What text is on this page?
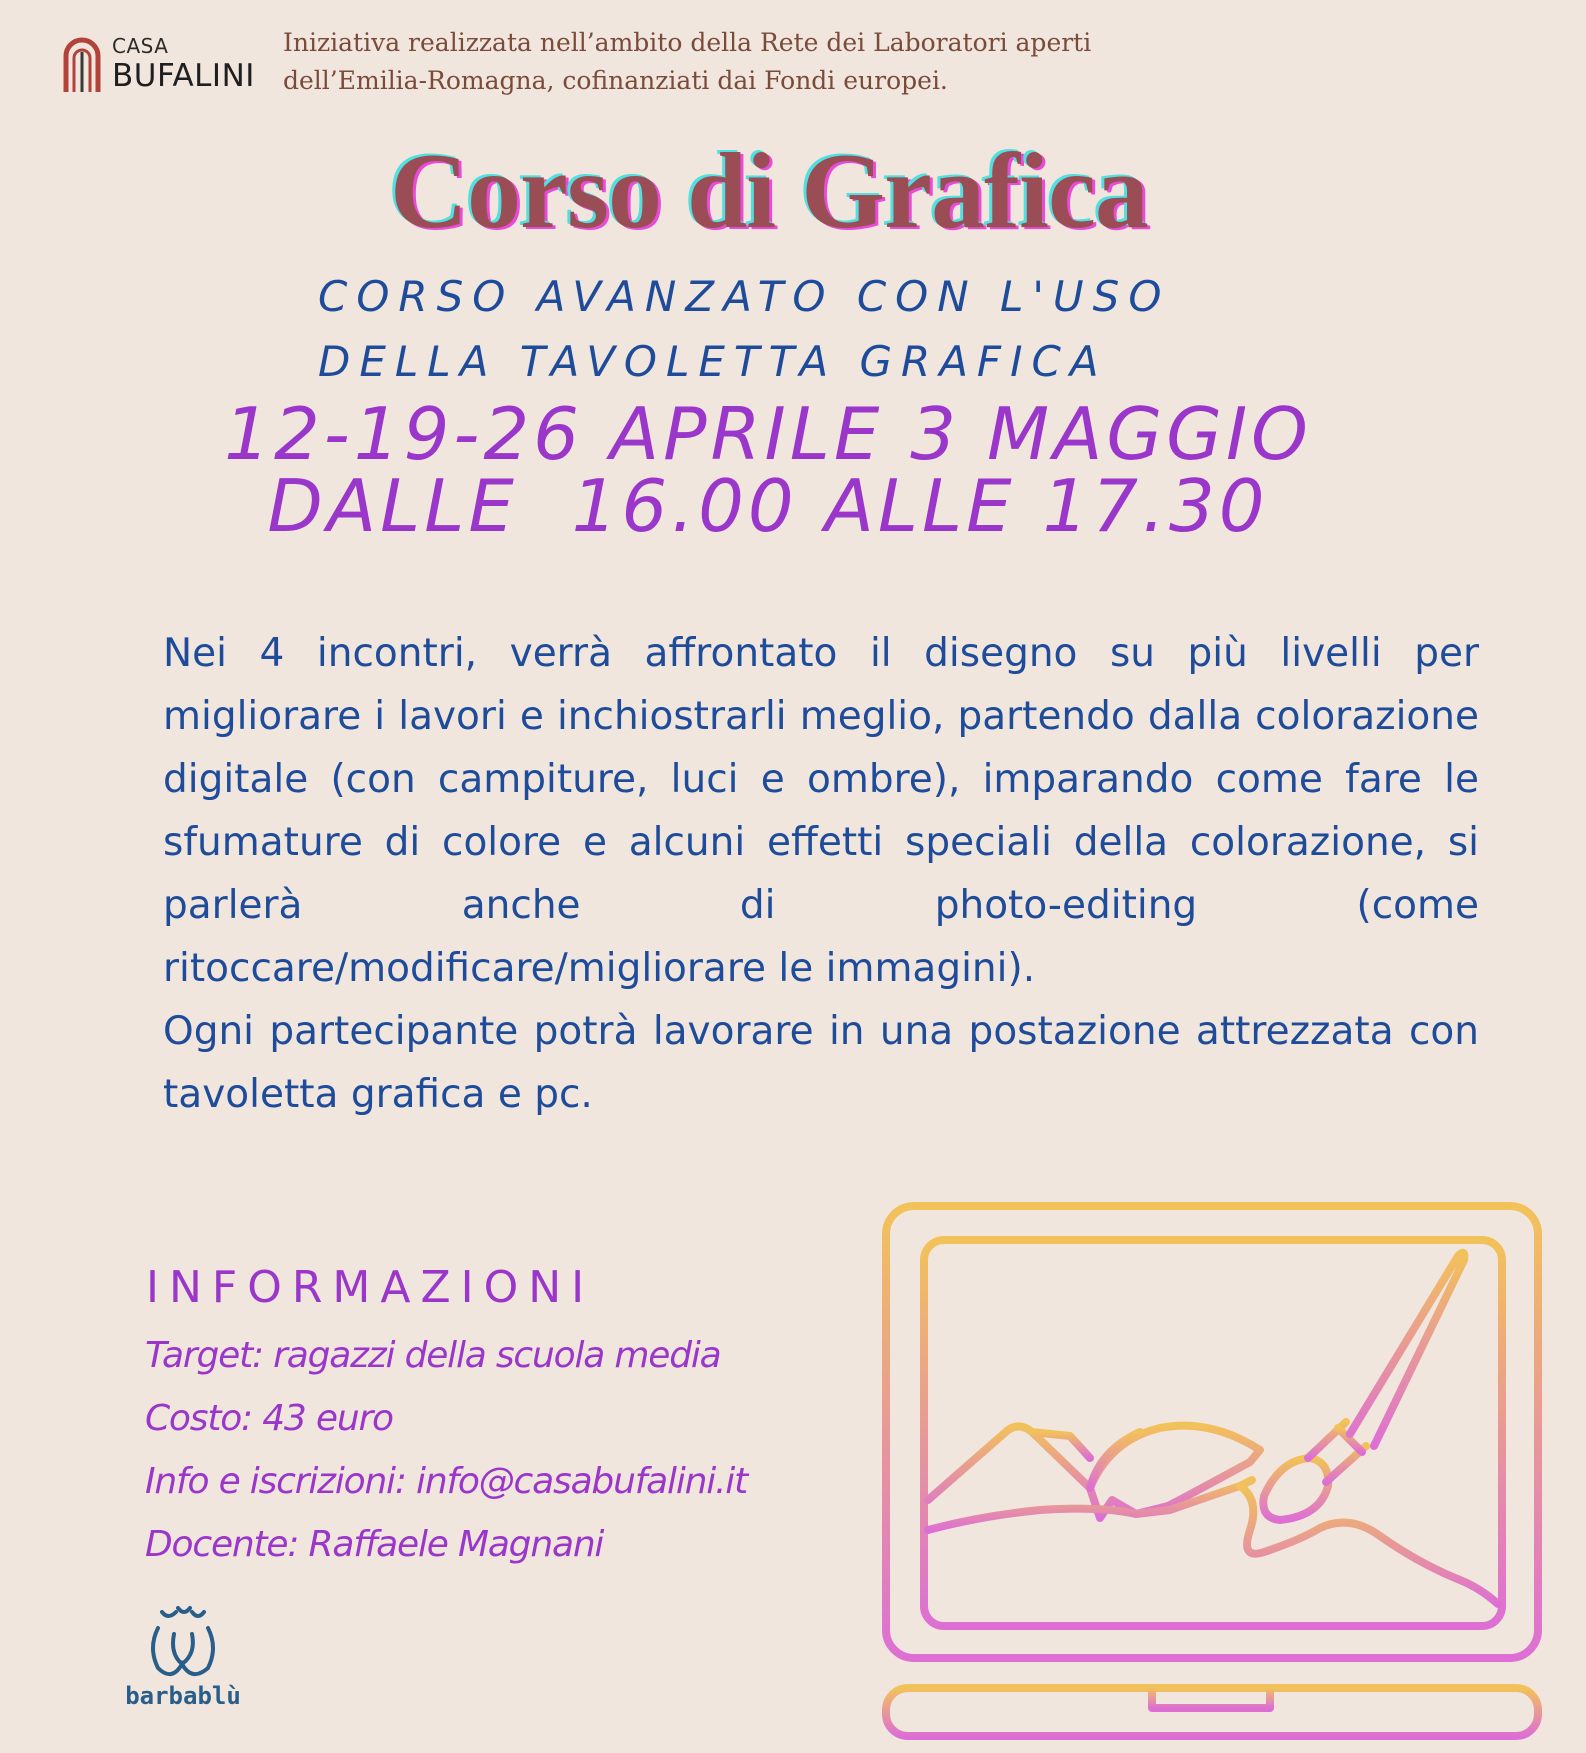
CASA
BUFALINI
Iniziativa realizzata nell’ambito della Rete dei Laboratori aperti
dell’Emilia-Romagna, cofinanziati dai Fondi europei.
Corso di Grafica
CORSO AVANZATO CON L'USO
DELLA TAVOLETTA GRAFICA
12-19-26 APRILE 3 MAGGIO
DALLE  16.00 ALLE 17.30

Nei 4 incontri, verrà affrontato il disegno su più livelli per migliorare i lavori e inchiostrarli meglio, partendo dalla colorazione digitale (con campiture, luci e ombre), imparando come fare le sfumature di colore e alcuni effetti speciali della colorazione, si parlerà anche di photo-editing (come ritoccare/modificare/migliorare le immagini).

Ogni partecipante potrà lavorare in una postazione attrezzata con tavoletta grafica e pc.

INFORMAZIONI
Target: ragazzi della scuola media
Costo: 43 euro
Info e iscrizioni: info@casabufalini.it
Docente: Raffaele Magnani
barbablù
